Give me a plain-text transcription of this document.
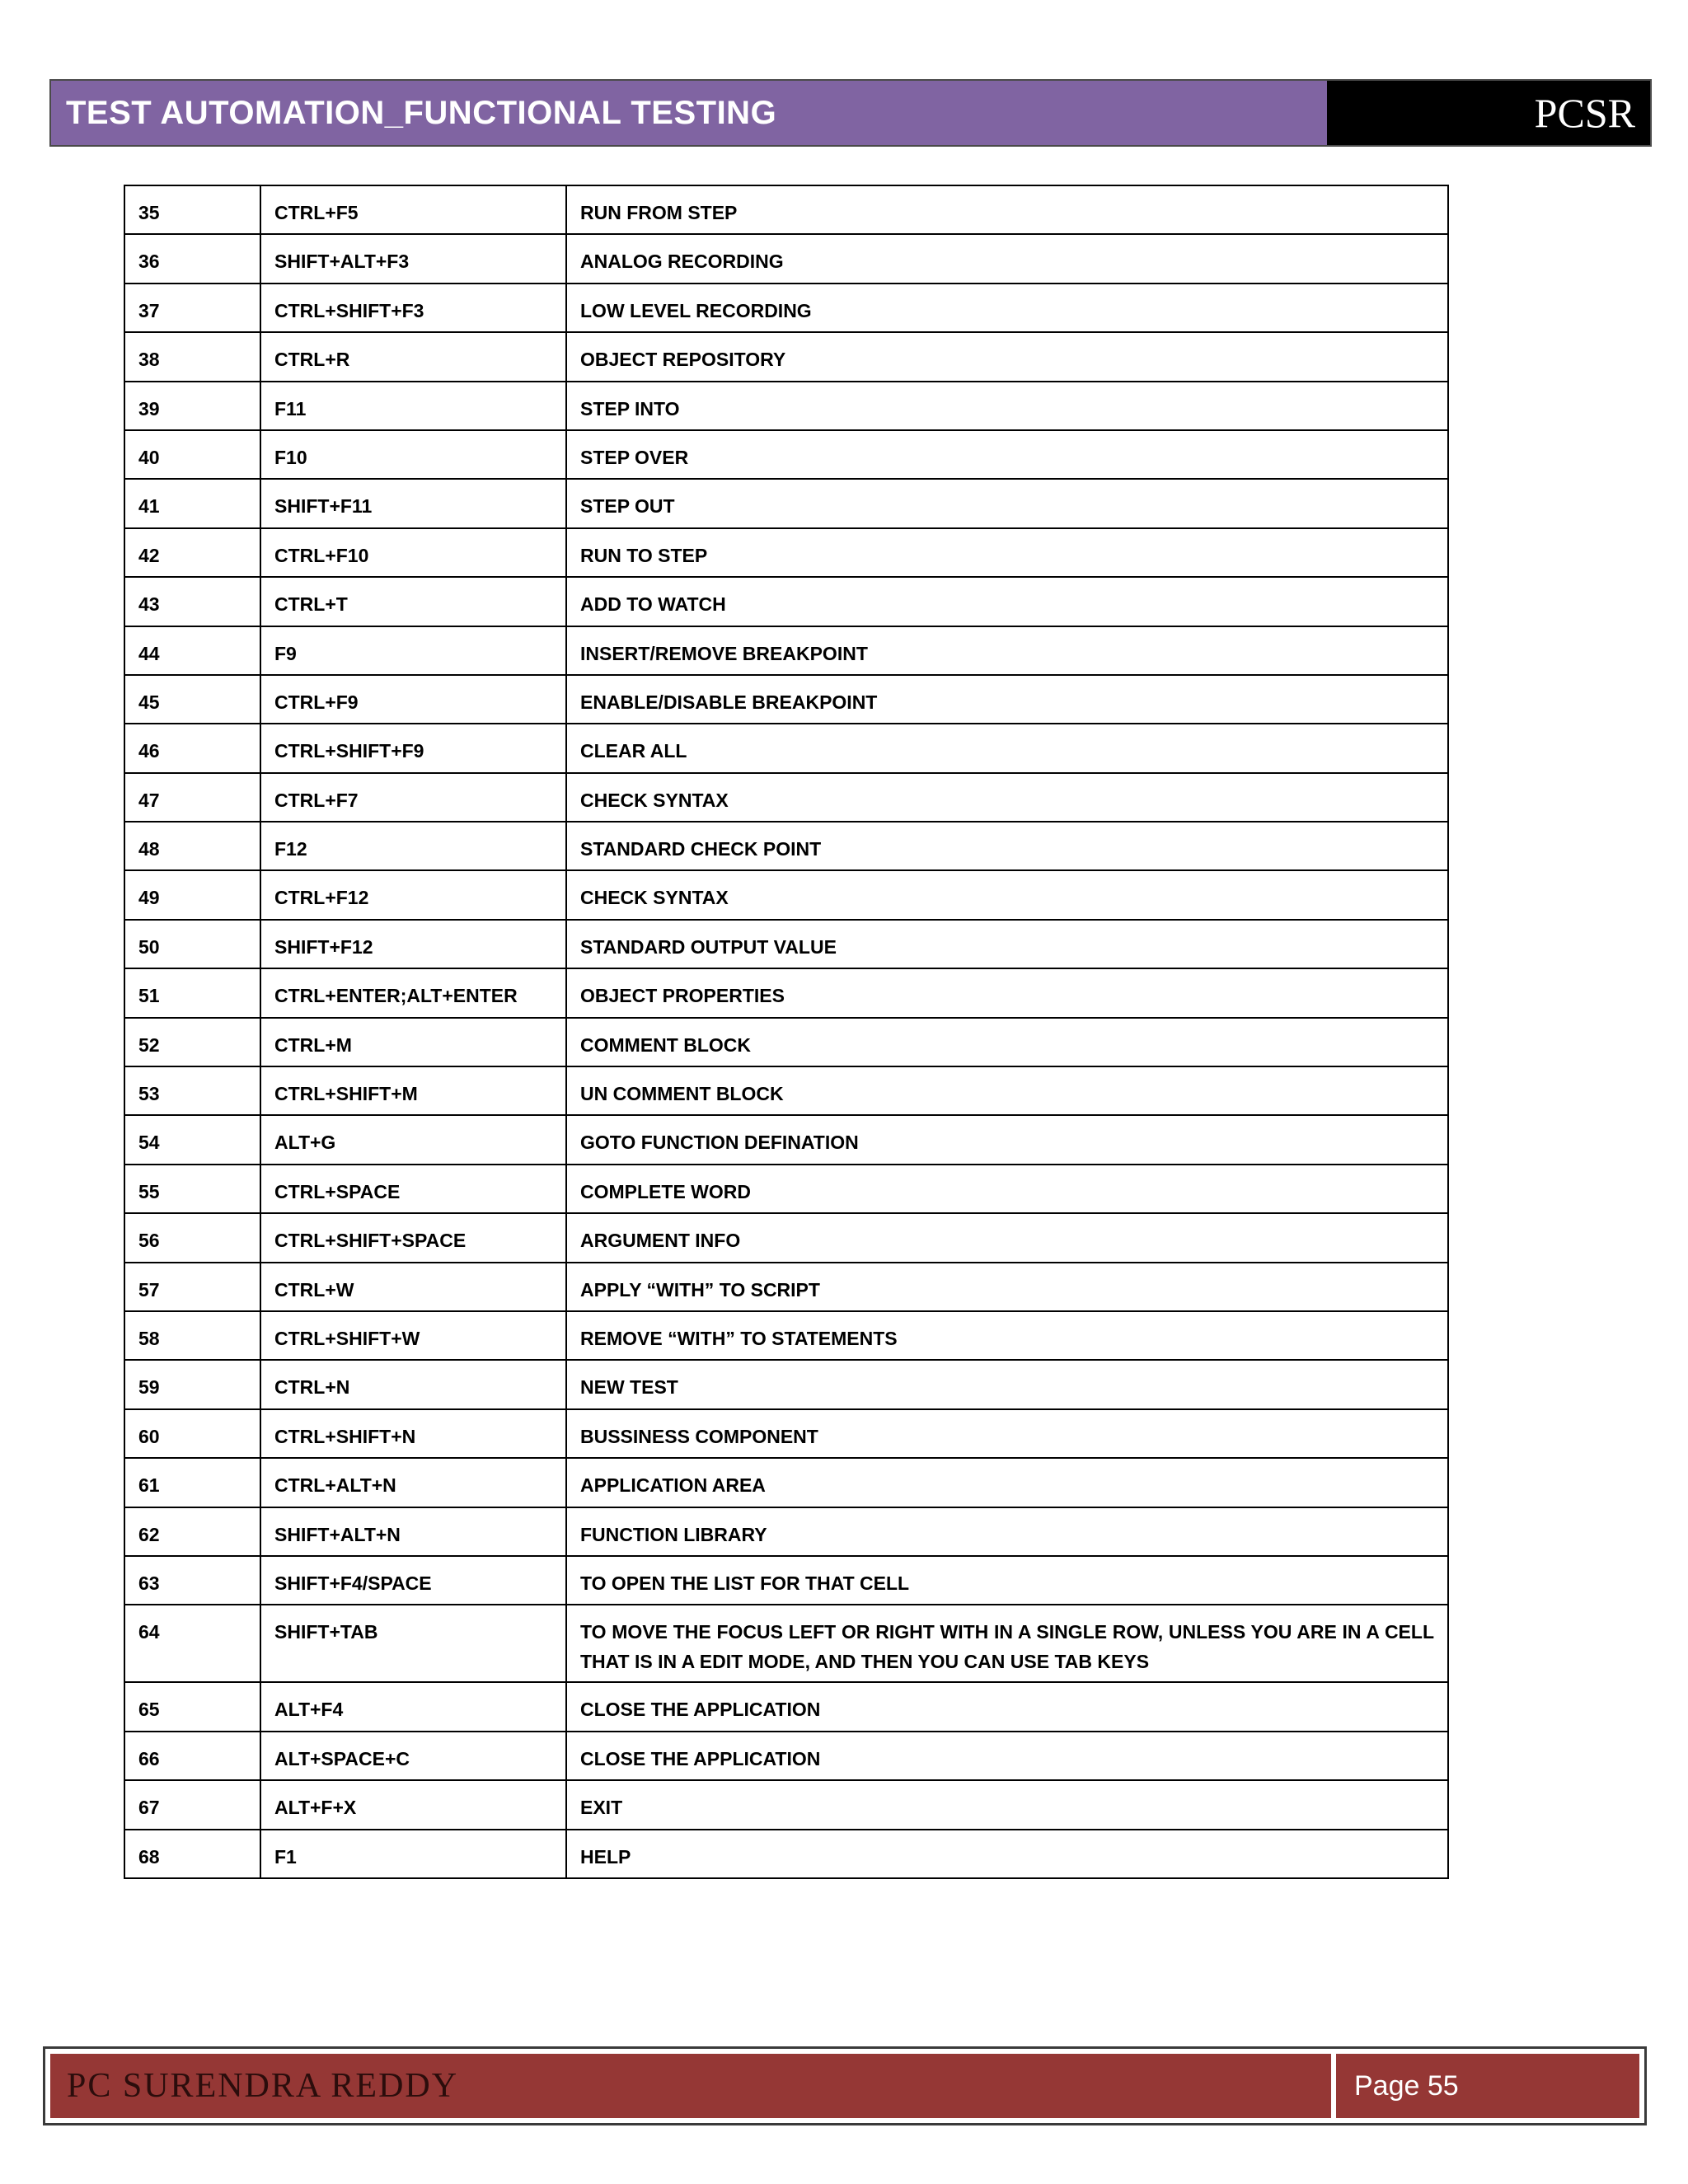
TEST AUTOMATION_FUNCTIONAL TESTING	PCSR
35	CTRL+F5	RUN FROM STEP
36	SHIFT+ALT+F3	ANALOG RECORDING
37	CTRL+SHIFT+F3	LOW LEVEL RECORDING
38	CTRL+R	OBJECT REPOSITORY
39	F11	STEP INTO
40	F10	STEP OVER
41	SHIFT+F11	STEP OUT
42	CTRL+F10	RUN TO STEP
43	CTRL+T	ADD TO WATCH
44	F9	INSERT/REMOVE BREAKPOINT
45	CTRL+F9	ENABLE/DISABLE BREAKPOINT
46	CTRL+SHIFT+F9	CLEAR ALL
47	CTRL+F7	CHECK SYNTAX
48	F12	STANDARD CHECK POINT
49	CTRL+F12	CHECK SYNTAX
50	SHIFT+F12	STANDARD OUTPUT VALUE
51	CTRL+ENTER;ALT+ENTER	OBJECT PROPERTIES
52	CTRL+M	COMMENT BLOCK
53	CTRL+SHIFT+M	UN COMMENT BLOCK
54	ALT+G	GOTO FUNCTION DEFINATION
55	CTRL+SPACE	COMPLETE WORD
56	CTRL+SHIFT+SPACE	ARGUMENT INFO
57	CTRL+W	APPLY “WITH” TO SCRIPT
58	CTRL+SHIFT+W	REMOVE “WITH” TO STATEMENTS
59	CTRL+N	NEW TEST
60	CTRL+SHIFT+N	BUSSINESS COMPONENT
61	CTRL+ALT+N	APPLICATION AREA
62	SHIFT+ALT+N	FUNCTION LIBRARY
63	SHIFT+F4/SPACE	TO OPEN THE LIST FOR THAT CELL
64	SHIFT+TAB	TO MOVE THE FOCUS LEFT OR RIGHT WITH IN A SINGLE ROW, UNLESS YOU ARE IN A CELL THAT IS IN A EDIT MODE, AND THEN YOU CAN USE TAB KEYS
65	ALT+F4	CLOSE THE APPLICATION
66	ALT+SPACE+C	CLOSE THE APPLICATION
67	ALT+F+X	EXIT
68	F1	HELP
PC SURENDRA REDDY	Page 55
